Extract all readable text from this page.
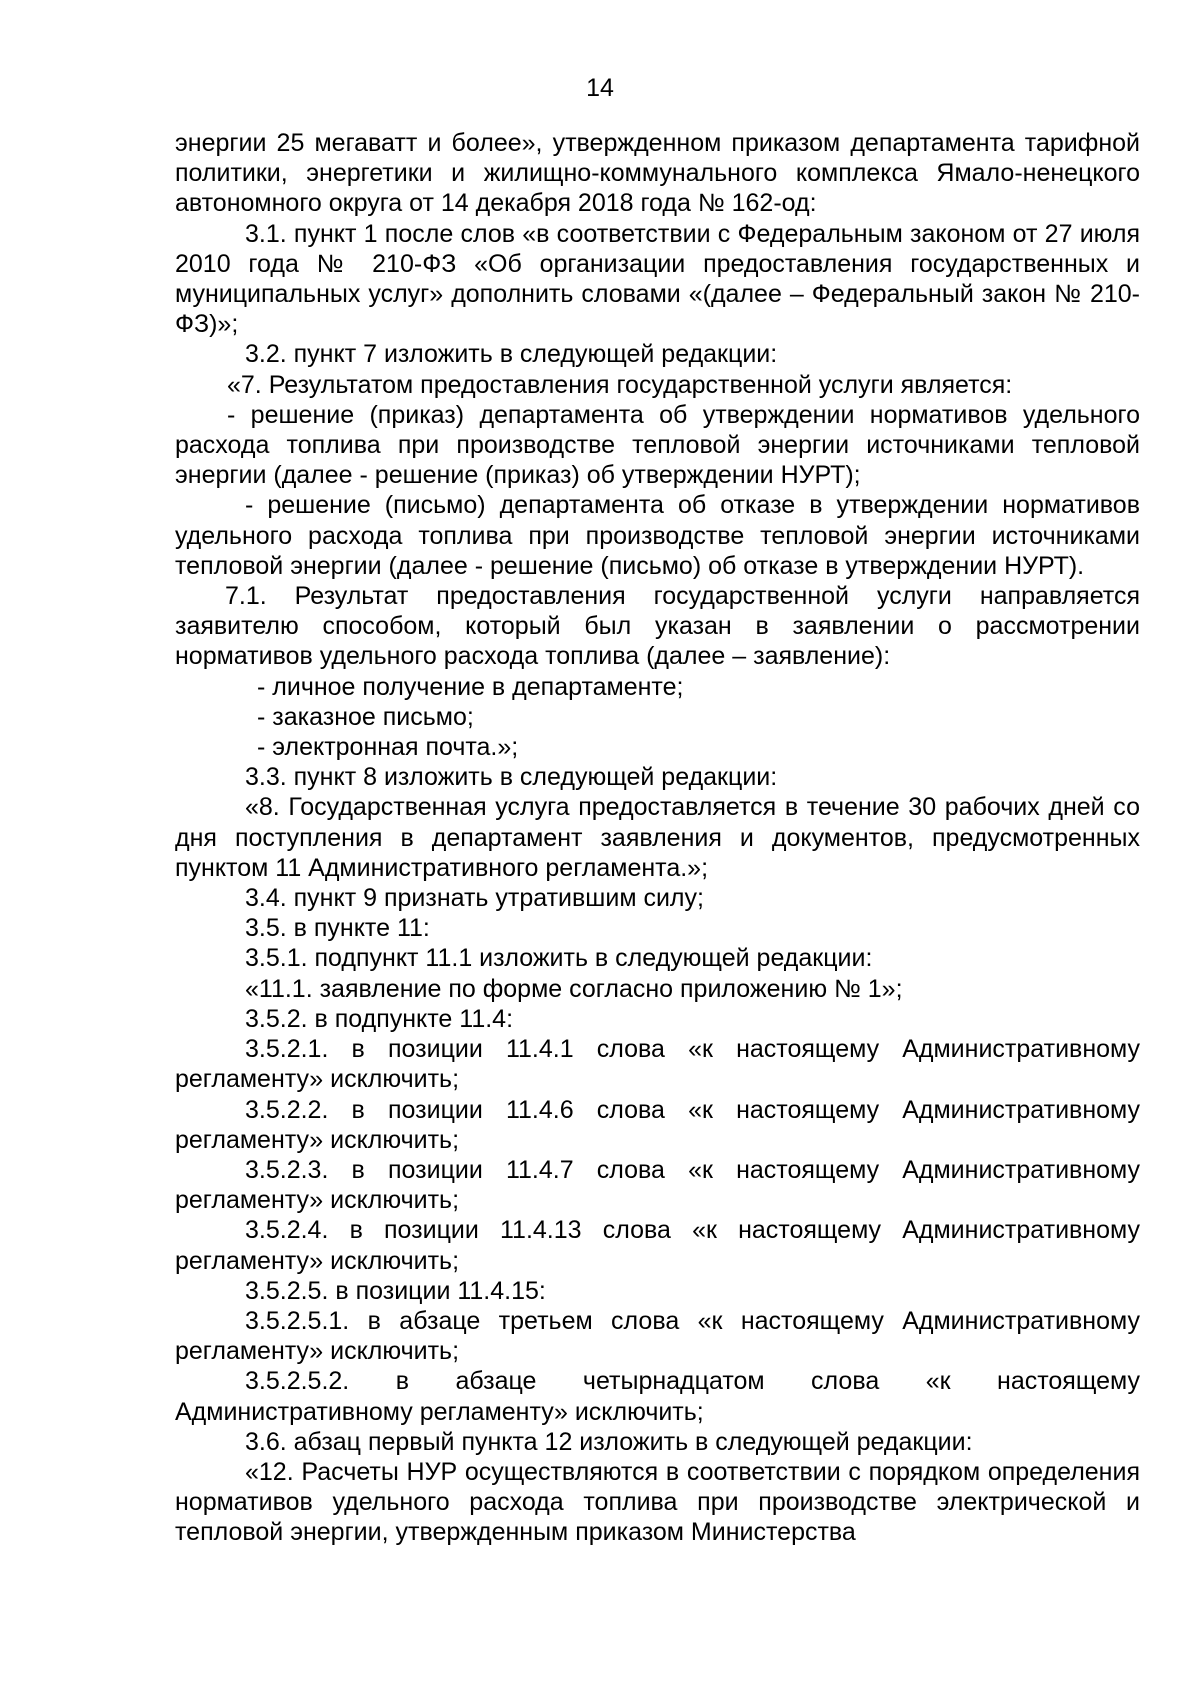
14

энергии 25 мегаватт и более», утвержденном приказом департамента тарифной политики, энергетики и жилищно-коммунального комплекса Ямало-ненецкого автономного округа от 14 декабря 2018 года № 162-од:

3.1. пункт 1 после слов «в соответствии с Федеральным законом от 27 июля 2010 года № 210-ФЗ «Об организации предоставления государственных и муниципальных услуг» дополнить словами «(далее – Федеральный закон № 210-ФЗ)»;

3.2. пункт 7 изложить в следующей редакции:

«7. Результатом предоставления государственной услуги является:

- решение (приказ) департамента об утверждении нормативов удельного расхода топлива при производстве тепловой энергии источниками тепловой энергии (далее - решение (приказ) об утверждении НУРТ);

- решение (письмо) департамента об отказе в утверждении нормативов удельного расхода топлива при производстве тепловой энергии источниками тепловой энергии (далее - решение (письмо) об отказе в утверждении НУРТ).

7.1. Результат предоставления государственной услуги направляется заявителю способом, который был указан в заявлении о рассмотрении нормативов удельного расхода топлива (далее – заявление):

- личное получение в департаменте;

- заказное письмо;

- электронная почта.»;

3.3. пункт 8 изложить в следующей редакции:

«8. Государственная услуга предоставляется в течение 30 рабочих дней со дня поступления в департамент заявления и документов, предусмотренных пунктом 11 Административного регламента.»;

3.4. пункт 9 признать утратившим силу;

3.5. в пункте 11:

3.5.1. подпункт 11.1 изложить в следующей редакции:

«11.1. заявление по форме согласно приложению № 1»;

3.5.2. в подпункте 11.4:

3.5.2.1. в позиции 11.4.1 слова «к настоящему Административному регламенту» исключить;

3.5.2.2. в позиции 11.4.6 слова «к настоящему Административному регламенту» исключить;

3.5.2.3. в позиции 11.4.7 слова «к настоящему Административному регламенту» исключить;

3.5.2.4. в позиции 11.4.13 слова «к настоящему Административному регламенту» исключить;

3.5.2.5. в позиции 11.4.15:

3.5.2.5.1. в абзаце третьем слова «к настоящему Административному регламенту» исключить;

3.5.2.5.2. в абзаце четырнадцатом слова «к настоящему Административному регламенту» исключить;

3.6. абзац первый пункта 12 изложить в следующей редакции:

«12. Расчеты НУР осуществляются в соответствии с порядком определения нормативов удельного расхода топлива при производстве электрической и тепловой энергии, утвержденным приказом Министерства
